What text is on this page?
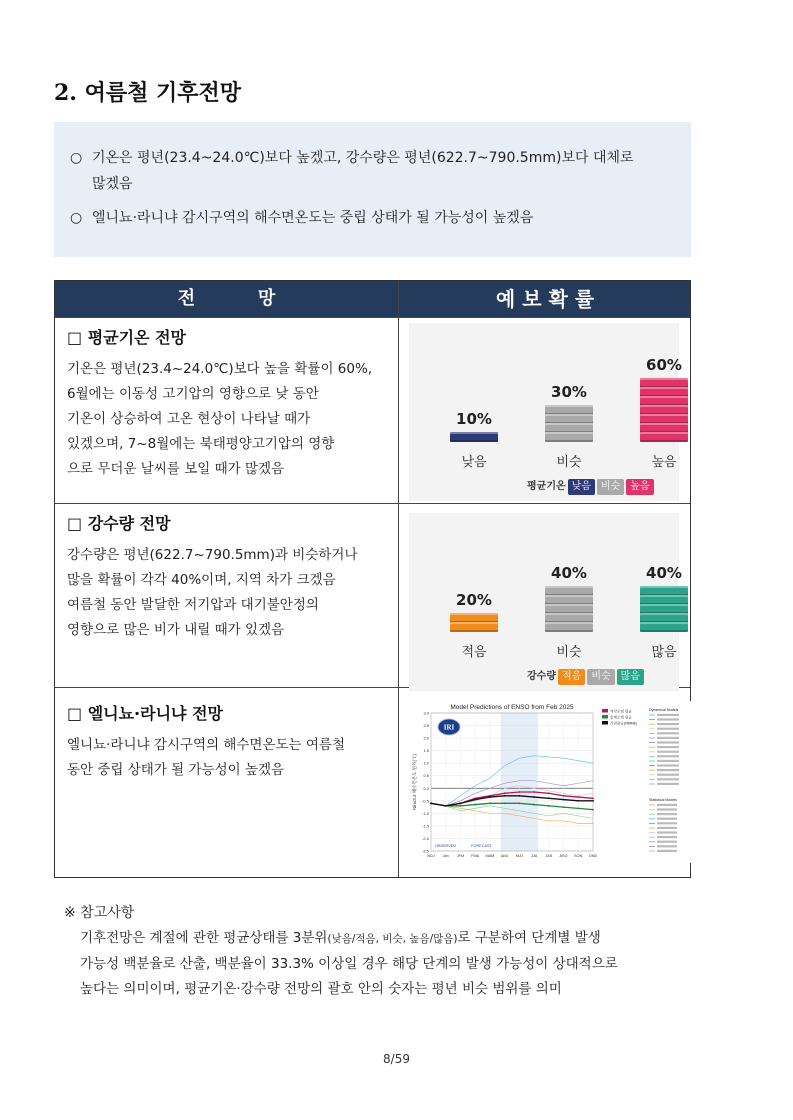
2. 여름철 기후전망
○ 기온은 평년(23.4~24.0℃)보다 높겠고, 강수량은 평년(622.7~790.5mm)보다 대체로
많겠음
○ 엘니뇨·라니냐 감시구역의 해수면온도는 중립 상태가 될 가능성이 높겠음
전          망	예 보 확 률
□ 평균기온 전망
기온은 평년(23.4~24.0℃)보다 높을 확률이 60%,
6월에는 이동성 고기압의 영향으로 낮 동안
기온이 상승하여 고온 현상이 나타날 때가
있겠으며, 7~8월에는 북태평양고기압의 영향
으로 무더운 날씨를 보일 때가 많겠음
10%
낮음
30%
비슷
60%
높음
평균기온 낮음 비슷 높음
□ 강수량 전망
강수량은 평년(622.7~790.5mm)과 비슷하거나
많을 확률이 각각 40%이며, 지역 차가 크겠음
여름철 동안 발달한 저기압과 대기불안정의
영향으로 많은 비가 내릴 때가 있겠음
20%
적음
40%
비슷
40%
많음
강수량 적음 비슷 많음
□ 엘니뇨·라니냐 전망
엘니뇨·라니냐 감시구역의 해수면온도는 여름철
동안 중립 상태가 될 가능성이 높겠음
Model Predictions of ENSO from Feb 2025
3.0
2.5
2.0
1.5
1.0
0.5
0.0
-0.5
-1.0
-1.5
-2.0
-2.5
NDJ Jan JFM FMA MAM AMJ MJJ JJA JAS ASO SON OND
Nino3.4 해수면온도 편차(℃)
OBSERVED	FORECAST
IRI
역학모델 평균
통계모델 평균
기관평균(NMME)
Dynamical Models
Statistical Models
※ 참고사항
기후전망은 계절에 관한 평균상태를 3분위(낮음/적음, 비슷, 높음/많음)로 구분하여 단계별 발생
가능성 백분율로 산출, 백분율이 33.3% 이상일 경우 해당 단계의 발생 가능성이 상대적으로
높다는 의미이며, 평균기온·강수량 전망의 괄호 안의 숫자는 평년 비슷 범위를 의미
8/59
